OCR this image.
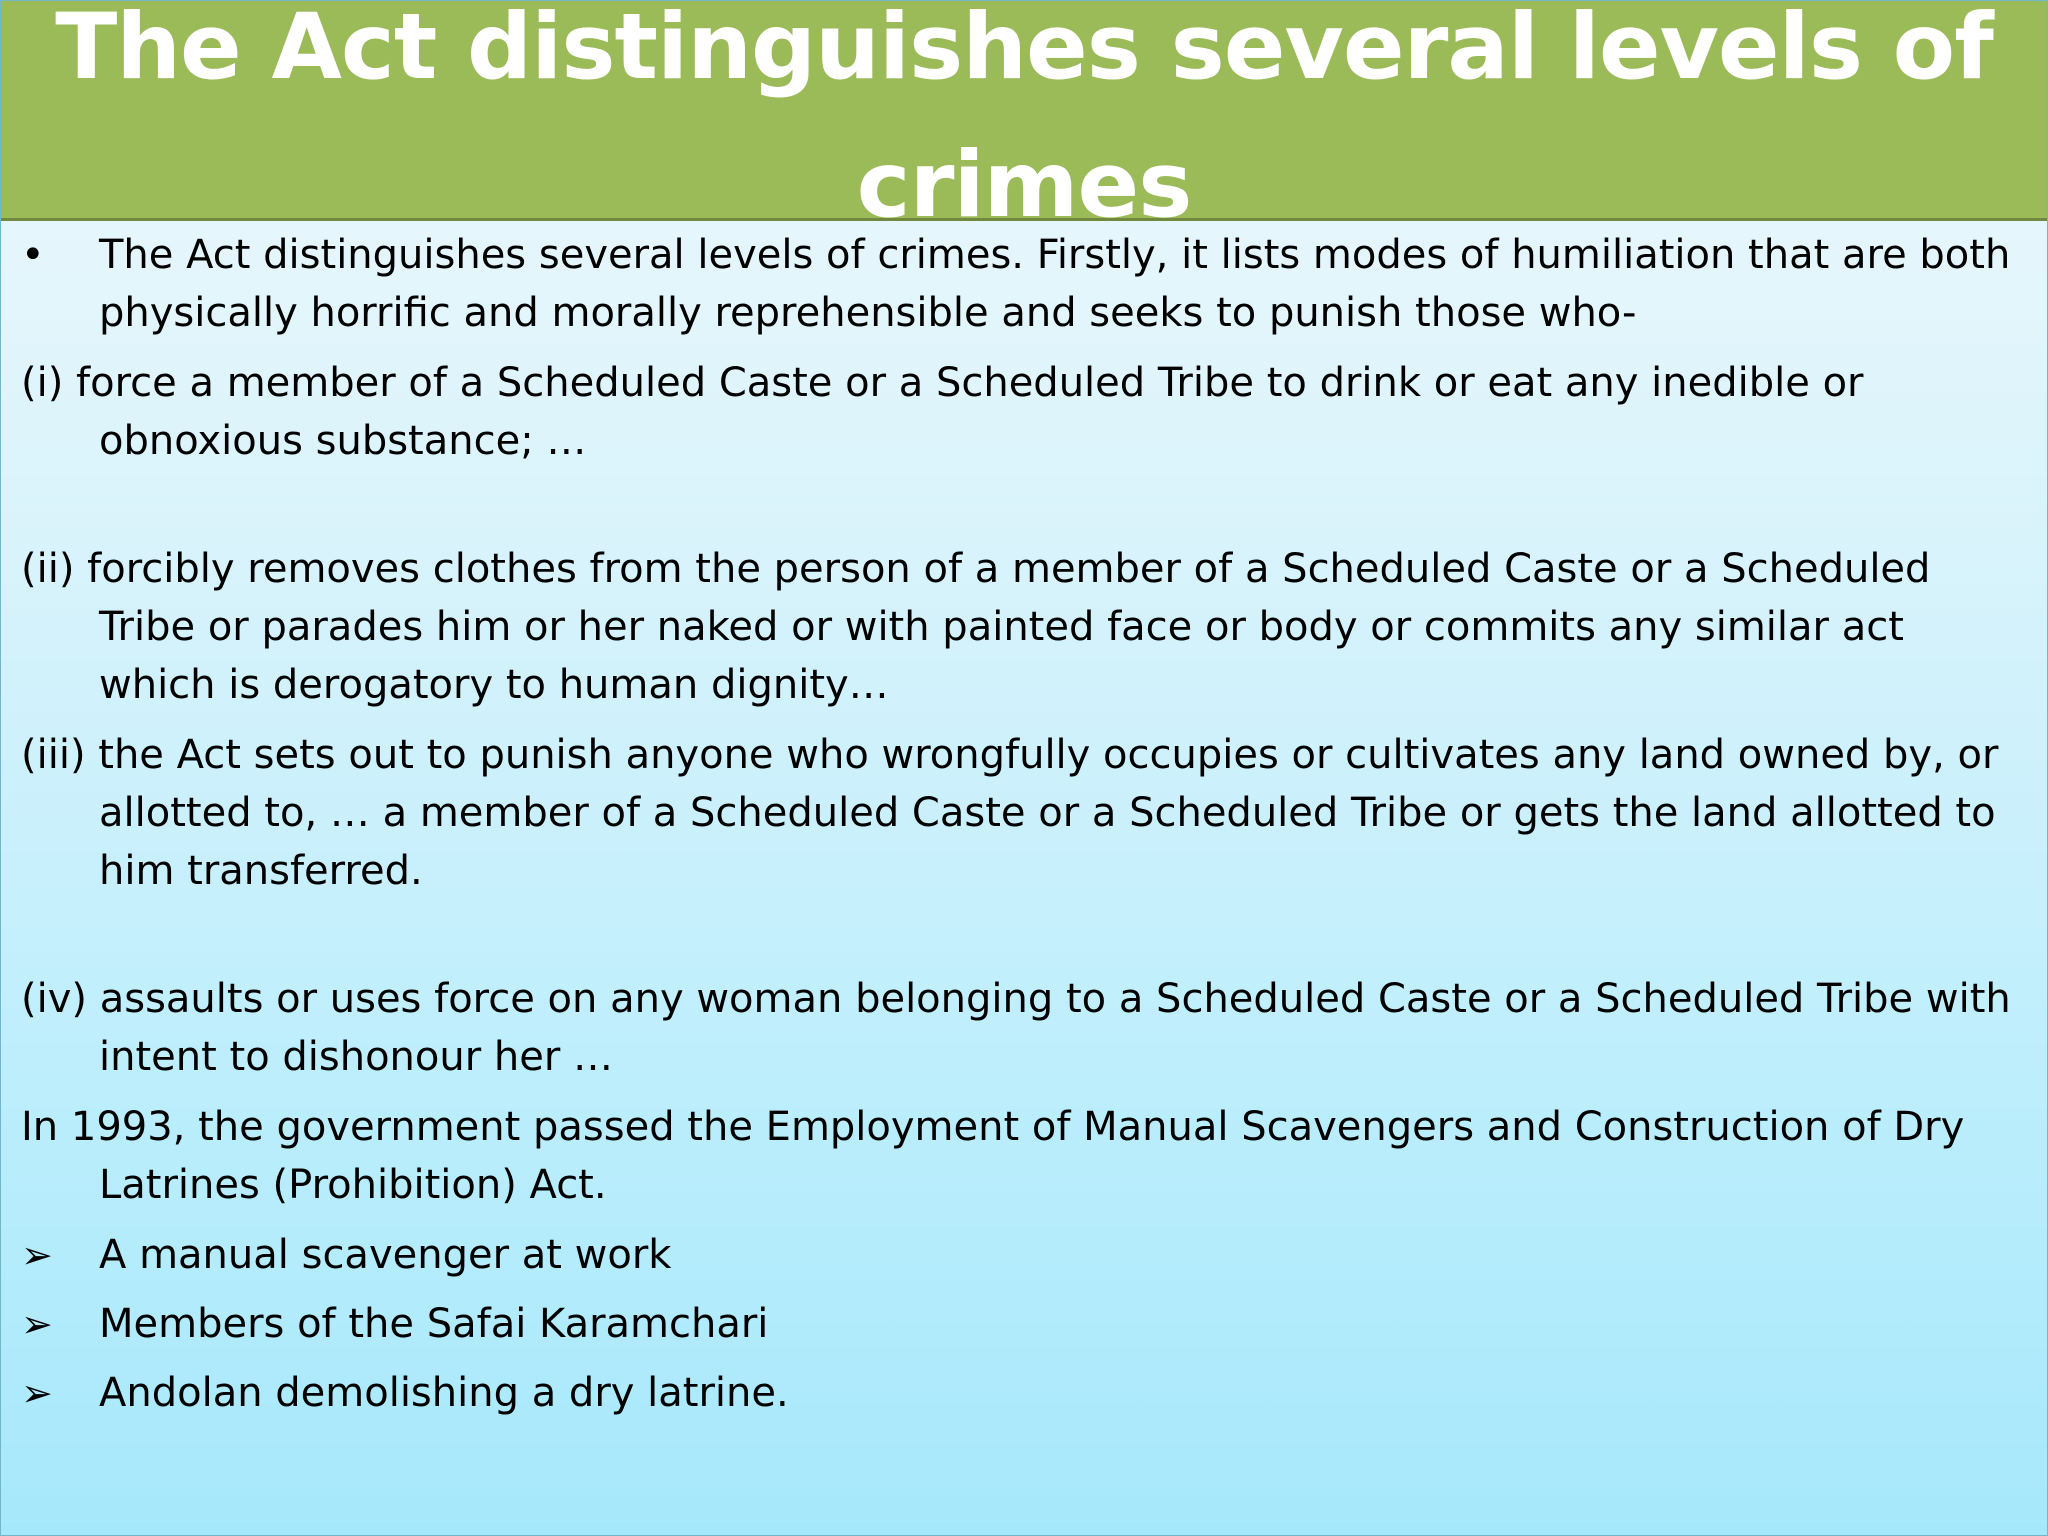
The Act distinguishes several levels of crimes
•	The Act distinguishes several levels of crimes. Firstly, it lists modes of humiliation that are both physically horrific and morally reprehensible and seeks to punish those who-

(i) force a member of a Scheduled Caste or a Scheduled Tribe to drink or eat any inedible or obnoxious substance; …

(ii) forcibly removes clothes from the person of a member of a Scheduled Caste or a Scheduled Tribe or parades him or her naked or with painted face or body or commits any similar act which is derogatory to human dignity…

(iii) the Act sets out to punish anyone who wrongfully occupies or cultivates any land owned by, or allotted to, … a member of a Scheduled Caste or a Scheduled Tribe or gets the land allotted to him transferred.

(iv) assaults or uses force on any woman belonging to a Scheduled Caste or a Scheduled Tribe with intent to dishonour her …

In 1993, the government passed the Employment of Manual Scavengers and Construction of Dry Latrines (Prohibition) Act.

➢ A manual scavenger at work
➢ Members of the Safai Karamchari
➢ Andolan demolishing a dry latrine.
